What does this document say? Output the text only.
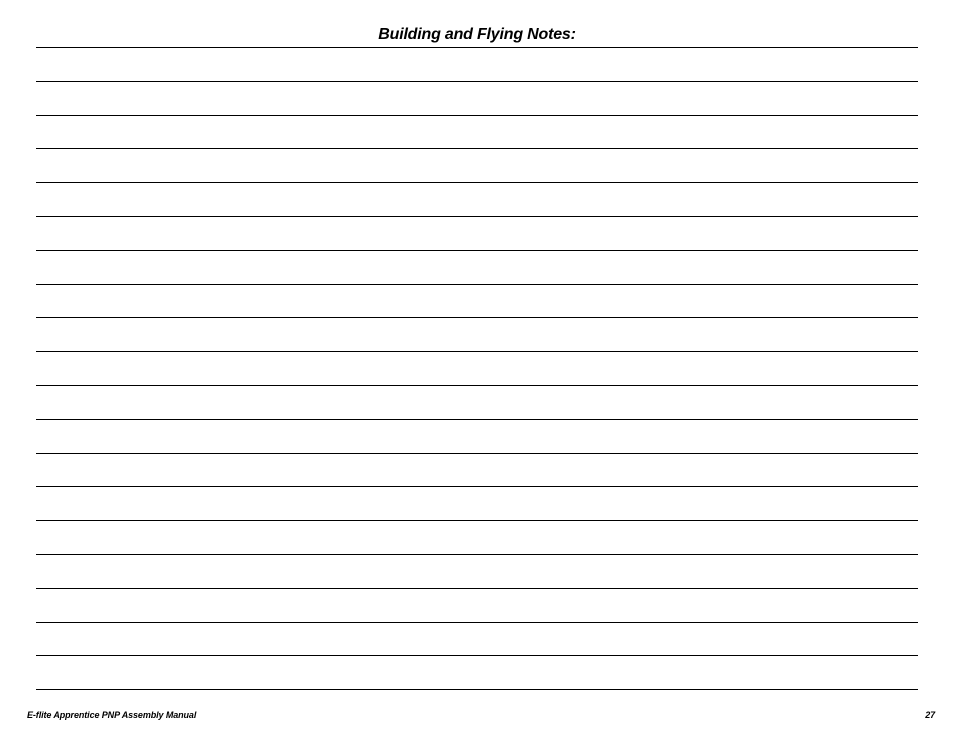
Building and Flying Notes:
E-flite Apprentice PNP Assembly Manual	27
